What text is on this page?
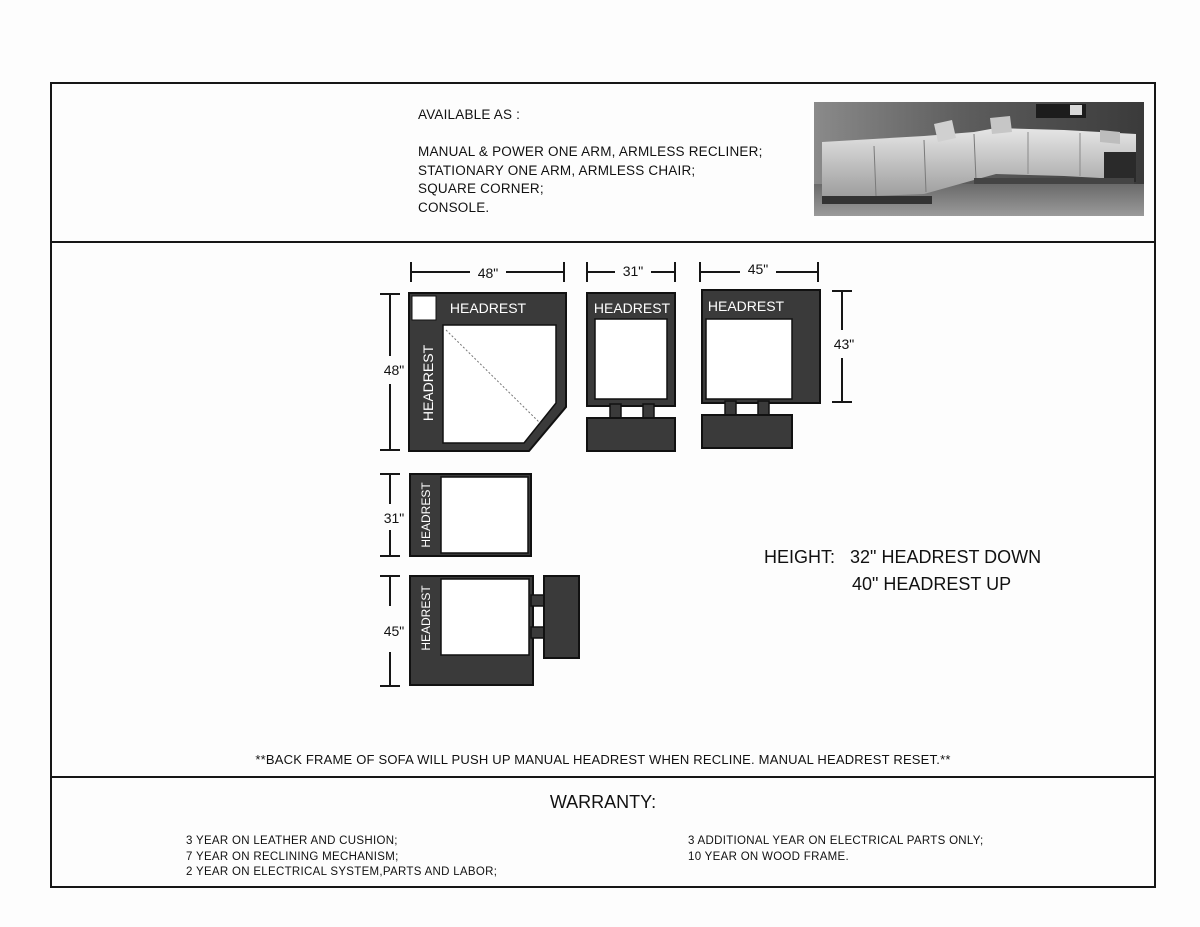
AVAILABLE AS :
MANUAL & POWER ONE ARM, ARMLESS RECLINER;
STATIONARY ONE ARM, ARMLESS CHAIR;
SQUARE CORNER;
CONSOLE.
HEIGHT: 32" HEADREST DOWN
40" HEADREST UP
**BACK FRAME OF SOFA WILL PUSH UP MANUAL HEADREST WHEN RECLINE. MANUAL HEADREST RESET.**
WARRANTY:
3 YEAR ON LEATHER AND CUSHION;
7 YEAR ON RECLINING MECHANISM;
2 YEAR ON ELECTRICAL SYSTEM,PARTS AND LABOR;
3 ADDITIONAL YEAR ON ELECTRICAL PARTS ONLY;
10 YEAR ON WOOD FRAME.
48"	31"	45"
43"
48"
31"
45"
HEADREST
HEADREST
HEADREST	HEADREST
HEADREST
HEADREST
